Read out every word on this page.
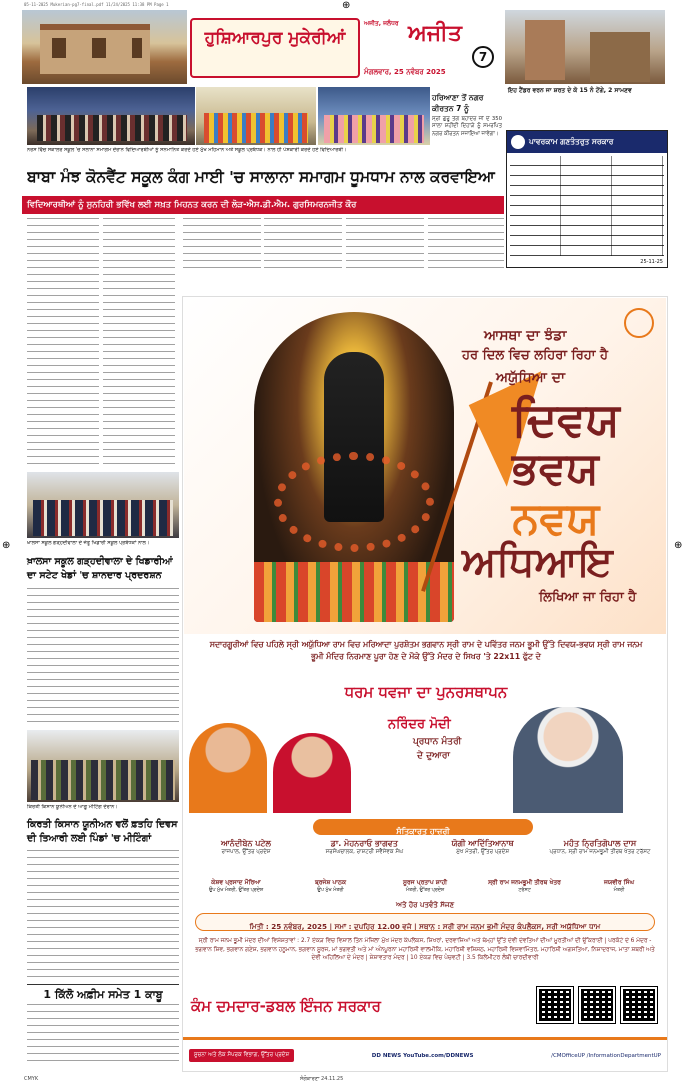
05-11-2025 Mukerian-pg7-final.pdf 11/24/2025 11:38 PM Page 1	⊕
⊕	⊕
ਹੁਸ਼ਿਆਰਪੁਰ ਮੁਕੇਰੀਆਂ
ਅਜੀਤ, ਜਲੰਧਰ ਅਜੀਤ
ਮੰਗਲਵਾਰ, 25 ਨਵੰਬਰ 2025
7
ਨਰਸ ਵਿੱਚ ਸਕਾਲਰ ਸਕੂਲ 'ਚ ਸਲਾਨਾ ਸਮਾਗਮ ਦੌਰਾਨ ਵਿਦਿਆਰਥੀਆਂ ਨੂੰ ਸਨਮਾਨਿਤ ਕਰਦੇ ਹੋਏ ਮੁੱਖ ਮਹਿਮਾਨ ਅਤੇ ਸਕੂਲ ਪ੍ਰਬੰਧਕ। ਨਾਲ ਹੀ ਪੇਸ਼ਕਾਰੀ ਕਰਦੇ ਹੋਏ ਵਿਦਿਆਰਥੀ।
ਬਾਬਾ ਮੰਝ ਕੋਨਵੈਂਟ ਸਕੂਲ ਕੰਗ ਮਾਈ 'ਚ ਸਾਲਾਨਾ ਸਮਾਗਮ ਧੂਮਧਾਮ ਨਾਲ ਕਰਵਾਇਆ
ਵਿਦਿਆਰਥੀਆਂ ਨੂੰ ਸੁਨਹਿਰੀ ਭਵਿੱਖ ਲਈ ਸਖ਼ਤ ਮਿਹਨਤ ਕਰਨ ਦੀ ਲੋੜ-ਐਸ.ਡੀ.ਐਮ. ਗੁਰਸਿਮਰਨਜੀਤ ਕੌਰ
ਹਰਿਆਣਾ ਤੋਂ ਨਗਰ ਕੀਰਤਨ 7 ਨੂੰ
ਸ੍ਰੀ ਗੁਰੂ ਤੇਗ ਬਹਾਦਰ ਜੀ ਦੇ 350 ਸਾਲਾ ਸ਼ਹੀਦੀ ਦਿਹਾੜੇ ਨੂੰ ਸਮਰਪਿਤ ਨਗਰ ਕੀਰਤਨ ਸਜਾਇਆ ਜਾਵੇਗਾ।
ਇਹ ਟੈਂਡਰ ਵਰਨ ਜਾ ਸ਼ਰਤ ਦੇ ਕੋ 15 ਨੰ ਟੋਂਗੇ, 2 ਸਾਮਣਵ
ਪਾਵਰਕਾਮ ਗਣਤੰਤਰੁਤ ਸਰਕਾਰ
25-11-25
ਖ਼ਾਲਸਾ ਸਕੂਲ ਗੜ੍ਹਦੀਵਾਲਾ ਦੇ ਜੇਤੂ ਖਿਡਾਰੀ ਸਕੂਲ ਪ੍ਰਬੰਧਕਾਂ ਨਾਲ।
ਖ਼ਾਲਸਾ ਸਕੂਲ ਗੜ੍ਹਦੀਵਾਲਾ ਦੇ ਖਿਡਾਰੀਆਂ ਦਾ ਸਟੇਟ ਖੇਡਾਂ 'ਚ ਸ਼ਾਨਦਾਰ ਪ੍ਰਦਰਸ਼ਨ
ਕਿਰਤੀ ਕਿਸਾਨ ਯੂਨੀਅਨ ਦੇ ਆਗੂ ਮੀਟਿੰਗ ਦੌਰਾਨ।
ਕਿਰਤੀ ਕਿਸਾਨ ਯੂਨੀਅਨ ਵਲੋਂ ਫ਼ਤਹਿ ਦਿਵਸ ਦੀ ਤਿਆਰੀ ਲਈ ਪਿੰਡਾਂ 'ਚ ਮੀਟਿੰਗਾਂ
1 ਕਿੱਲੋ ਅਫ਼ੀਮ ਸਮੇਤ 1 ਕਾਬੂ
ਆਸਥਾ ਦਾ ਝੰਡਾ
ਹਰ ਦਿਲ ਵਿਚ ਲਹਿਰਾ ਰਿਹਾ ਹੈ
ਅਯੁੱਧਿਆ ਦਾ
ਦਿਵਯ
ਭਵਯ
ਨਵਯ
ਅਧਿਆਇ
ਲਿਖਿਆ ਜਾ ਰਿਹਾ ਹੈ
ਸਦਾਰਗੂਰੀਆਂ ਵਿਚ ਪਹਿਲੇ ਸ੍ਰੀ ਅਯੁੱਧਿਆ ਰਾਮ ਵਿਚ ਮਰਿਆਦਾ ਪੁਰਸ਼ੋਤਮ ਭਗਵਾਨ ਸ੍ਰੀ ਰਾਮ ਦੇ ਪਵਿੱਤਰ ਜਨਮ ਭੂਮੀ ਉੱਤੇ ਦਿਵਯ-ਭਵਯ ਸ੍ਰੀ ਰਾਮ ਜਨਮ ਭੂਮੀ ਮੰਦਿਰ ਨਿਰਮਾਣ ਪੂਰਾ ਹੋਣ ਦੇ ਮੌਕੇ ਉੱਤੇ ਮੰਦਰ ਦੇ ਸਿਖਰ 'ਤੇ 22x11 ਫੁੱਟ ਦੇ
ਧਰਮ ਧਵਜਾ ਦਾ ਪੁਨਰਸਥਾਪਨ
ਨਰਿੰਦਰ ਮੋਦੀ
ਪ੍ਰਧਾਨ ਮੰਤਰੀ
ਦੇ ਦੁਆਰਾ
ਸੰਤਿਕਾਰਤ ਹਾਜ਼ਰੀ
ਆਨੰਦੀਬੇਨ ਪਟੇਲ
ਰਾਜਪਾਲ, ਉੱਤਰ ਪ੍ਰਦੇਸ਼
ਡਾ. ਮੋਹਨਰਾਓ ਭਾਗਵਤ
ਸਰਸੰਘਚਾਲਕ, ਰਾਸ਼ਟਰੀ ਸਵੈਸੇਵਕ ਸੰਘ
ਯੋਗੀ ਆਦਿੱਤਿਆਨਾਥ
ਮੁੱਖ ਮੰਤਰੀ, ਉੱਤਰ ਪ੍ਰਦੇਸ਼
ਮਹੰਤ ਨ੍ਰਿਤਿਗੋਪਾਲ ਦਾਸ
ਪ੍ਰਧਾਨ, ਸ੍ਰੀ ਰਾਮ ਜਨਮਭੂਮੀ ਤੀਰਥ ਖੇਤਰ ਟਰੱਸਟ
ਕੇਸ਼ਵ ਪ੍ਰਸਾਦ ਮੌਰਿਆ
ਉਪ ਮੁੱਖ ਮੰਤਰੀ, ਉੱਤਰ ਪ੍ਰਦੇਸ਼
ਬ੍ਰਜੇਸ਼ ਪਾਠਕ
ਉਪ ਮੁੱਖ ਮੰਤਰੀ
ਸੂਰਜ ਪ੍ਰਤਾਪ ਸ਼ਾਹੀ
ਮੰਤਰੀ, ਉੱਤਰ ਪ੍ਰਦੇਸ਼
ਸ੍ਰੀ ਰਾਮ ਜਨਮਭੂਮੀ ਤੀਰਥ ਖੇਤਰ
ਟਰੱਸਟ
ਜਯਵੀਰ ਸਿੰਘ
ਮੰਤਰੀ
ਅਤੇ ਹੋਰ ਪਤਵੰਤੇ ਸੱਜਣ
ਮਿਤੀ : 25 ਨਵੰਬਰ, 2025 | ਸਮਾਂ : ਦੁਪਹਿਰ 12.00 ਵਜੇ | ਸਥਾਨ : ਸ੍ਰੀ ਰਾਮ ਜਨਮ ਭੂਮੀ ਮੰਦਰ ਕੰਪਲੈਕਸ, ਸ੍ਰੀ ਅਯੁੱਧਿਆ ਧਾਮ
ਸ੍ਰੀ ਰਾਮ ਜਨਮ ਭੂਮੀ ਮੰਦਰ ਦੀਆਂ ਵਿਸ਼ੇਸ਼ਤਾਵਾਂ : 2.7 ਏਕੜ ਵਿਚ ਵਿਸ਼ਾਲ ਤਿੰਨ ਮੰਜ਼ਿਲਾ ਮੁੱਖ ਮੰਦਰ ਕੰਪਲੈਕਸ, ਸ਼ਿਖਰਾਂ, ਦਰਵਾਜ਼ਿਆਂ ਅਤੇ ਥੰਮ੍ਹਾਂ ਉੱਤੇ ਦੇਵੀ ਦੇਵਤਿਆਂ ਦੀਆਂ ਮੂਰਤੀਆਂ ਦੀ ਉੱਕਰਾਈ | ਪਰਕੋਟੇ ਦੇ 6 ਮੰਦਰ - ਭਗਵਾਨ ਸ਼ਿਵ, ਭਗਵਾਨ ਗਣੇਸ਼, ਭਗਵਾਨ ਹਨੂਮਾਨ, ਭਗਵਾਨ ਸੂਰਜ, ਮਾਂ ਭਗਵਤੀ ਅਤੇ ਮਾਂ ਅੰਨਪੂਰਨਾ ਮਹਾਰਿਸ਼ੀ ਵਾਲਮੀਕਿ, ਮਹਾਰਿਸ਼ੀ ਵਸ਼ਿਸ਼ਠ, ਮਹਾਰਿਸ਼ੀ ਵਿਸ਼ਵਾਮਿੱਤਰ, ਮਹਾਰਿਸ਼ੀ ਅਗਸਤਿਆ, ਨਿਸ਼ਾਦਰਾਜ, ਮਾਤਾ ਸ਼ਬਰੀ ਅਤੇ ਦੇਵੀ ਅਹਿਲਿਆ ਦੇ ਮੰਦਰ | ਸ਼ੇਸ਼ਾਵਤਾਰ ਮੰਦਰ | 10 ਏਕੜ ਵਿਚ ਪੰਚਵਟੀ | 3.5 ਕਿਲੋਮੀਟਰ ਲੰਬੀ ਚਾਰਦੀਵਾਰੀ
ਕੰਮ ਦਮਦਾਰ-ਡਬਲ ਇੰਜਨ ਸਰਕਾਰ
ਸੂਚਨਾ ਅਤੇ ਲੋਕ ਸੰਪਰਕ ਵਿਭਾਗ, ਉੱਤਰ ਪ੍ਰਦੇਸ਼	DD NEWS YouTube.com/DDNEWS	/CMOfficeUP /InformationDepartmentUP
CMYK	ਸੰਗੋਕਾਰਣਾ 24.11.25
